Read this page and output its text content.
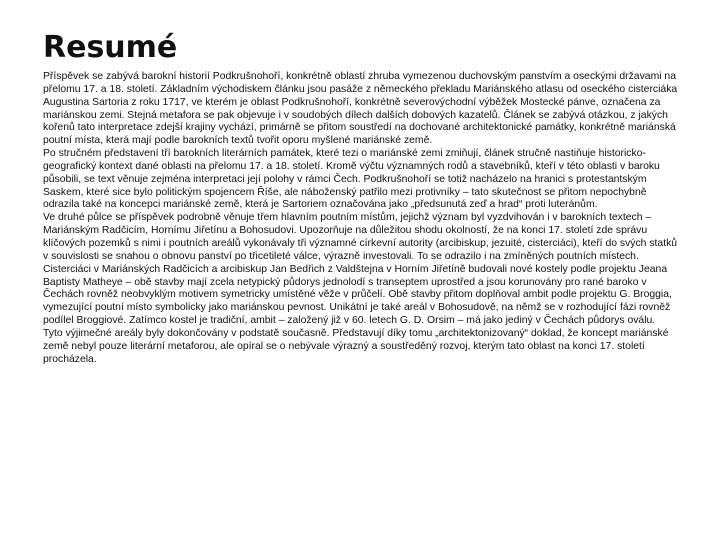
Resumé

Příspěvek se zabývá barokní historií Podkrušnohoří, konkrétně oblastí zhruba vymezenou duchovským panstvím a oseckými državami na přelomu 17. a 18. století. Základním východiskem článku jsou pasáže z německého překladu Mariánského atlasu od oseckého cisterciáka Augustina Sartoria z roku 1717, ve kterém je oblast Podkrušnohoří, konkrétně severovýchodní výběžek Mostecké pánve, označena za mariánskou zemi. Stejná metafora se pak objevuje i v soudobých dílech dalších dobových kazatelů. Článek se zabývá otázkou, z jakých kořenů tato interpretace zdejší krajiny vychází, primárně se přitom soustředí na dochované architektonické památky, konkrétně mariánská poutní místa, která mají podle barokních textů tvořit oporu myšlené mariánské země.

Po stručném představení tří barokních literárních památek, které tezi o mariánské zemi zmiňují, článek stručně nastiňuje historicko-geografický kontext dané oblasti na přelomu 17. a 18. století. Kromě výčtu významných rodů a stavebníků, kteří v této oblasti v baroku působili, se text věnuje zejména interpretaci její polohy v rámci Čech. Podkrušnohoří se totiž nacházelo na hranici s protestantským Saskem, které sice bylo politickým spojencem Říše, ale náboženský patřilo mezi protivníky – tato skutečnost se přitom nepochybně odrazila také na koncepci mariánské země, která je Sartoriem označována jako „předsunutá zeď a hrad“ proti luteránům.

Ve druhé půlce se příspěvek podrobně věnuje třem hlavním poutním místům, jejichž význam byl vyzdvihován i v barokních textech – Mariánským Radčicím, Hornímu Jiřetínu a Bohosudovi. Upozorňuje na důležitou shodu okolností, že na konci 17. století zde správu klíčových pozemků s nimi i poutních areálů vykonávaly tři významné církevní autority (arcibiskup, jezuité, cisterciáci), kteří do svých statků v souvislosti se snahou o obnovu panství po třicetileté válce, výrazně investovali. To se odrazilo i na zmíněných poutních místech. Cisterciáci v Mariánských Radčicích a arcibiskup Jan Bedřich z Valdštejna v Horním Jiřetíně budovali nové kostely podle projektu Jeana Baptisty Matheye – obě stavby mají zcela netypický půdorys jednolodí s transeptem uprostřed a jsou korunovány pro rané baroko v Čechách rovněž neobvyklým motivem symetricky umístěné věže v průčelí. Obě stavby přitom doplňoval ambit podle projektu G. Broggia, vymezující poutní místo symbolicky jako mariánskou pevnost. Unikátní je také areál v Bohosudově, na němž se v rozhodující fázi rovněž podílel Broggiové. Zatímco kostel je tradiční, ambit – založený již v 60. letech G. D. Orsim – má jako jediný v Čechách půdorys oválu.

Tyto výjimečné areály byly dokončovány v podstatě současně. Představují díky tomu „architektonizovaný“ doklad, že koncept mariánské země nebyl pouze literární metaforou, ale opíral se o nebývale výrazný a soustředěný rozvoj, kterým tato oblast na konci 17. století procházela.
